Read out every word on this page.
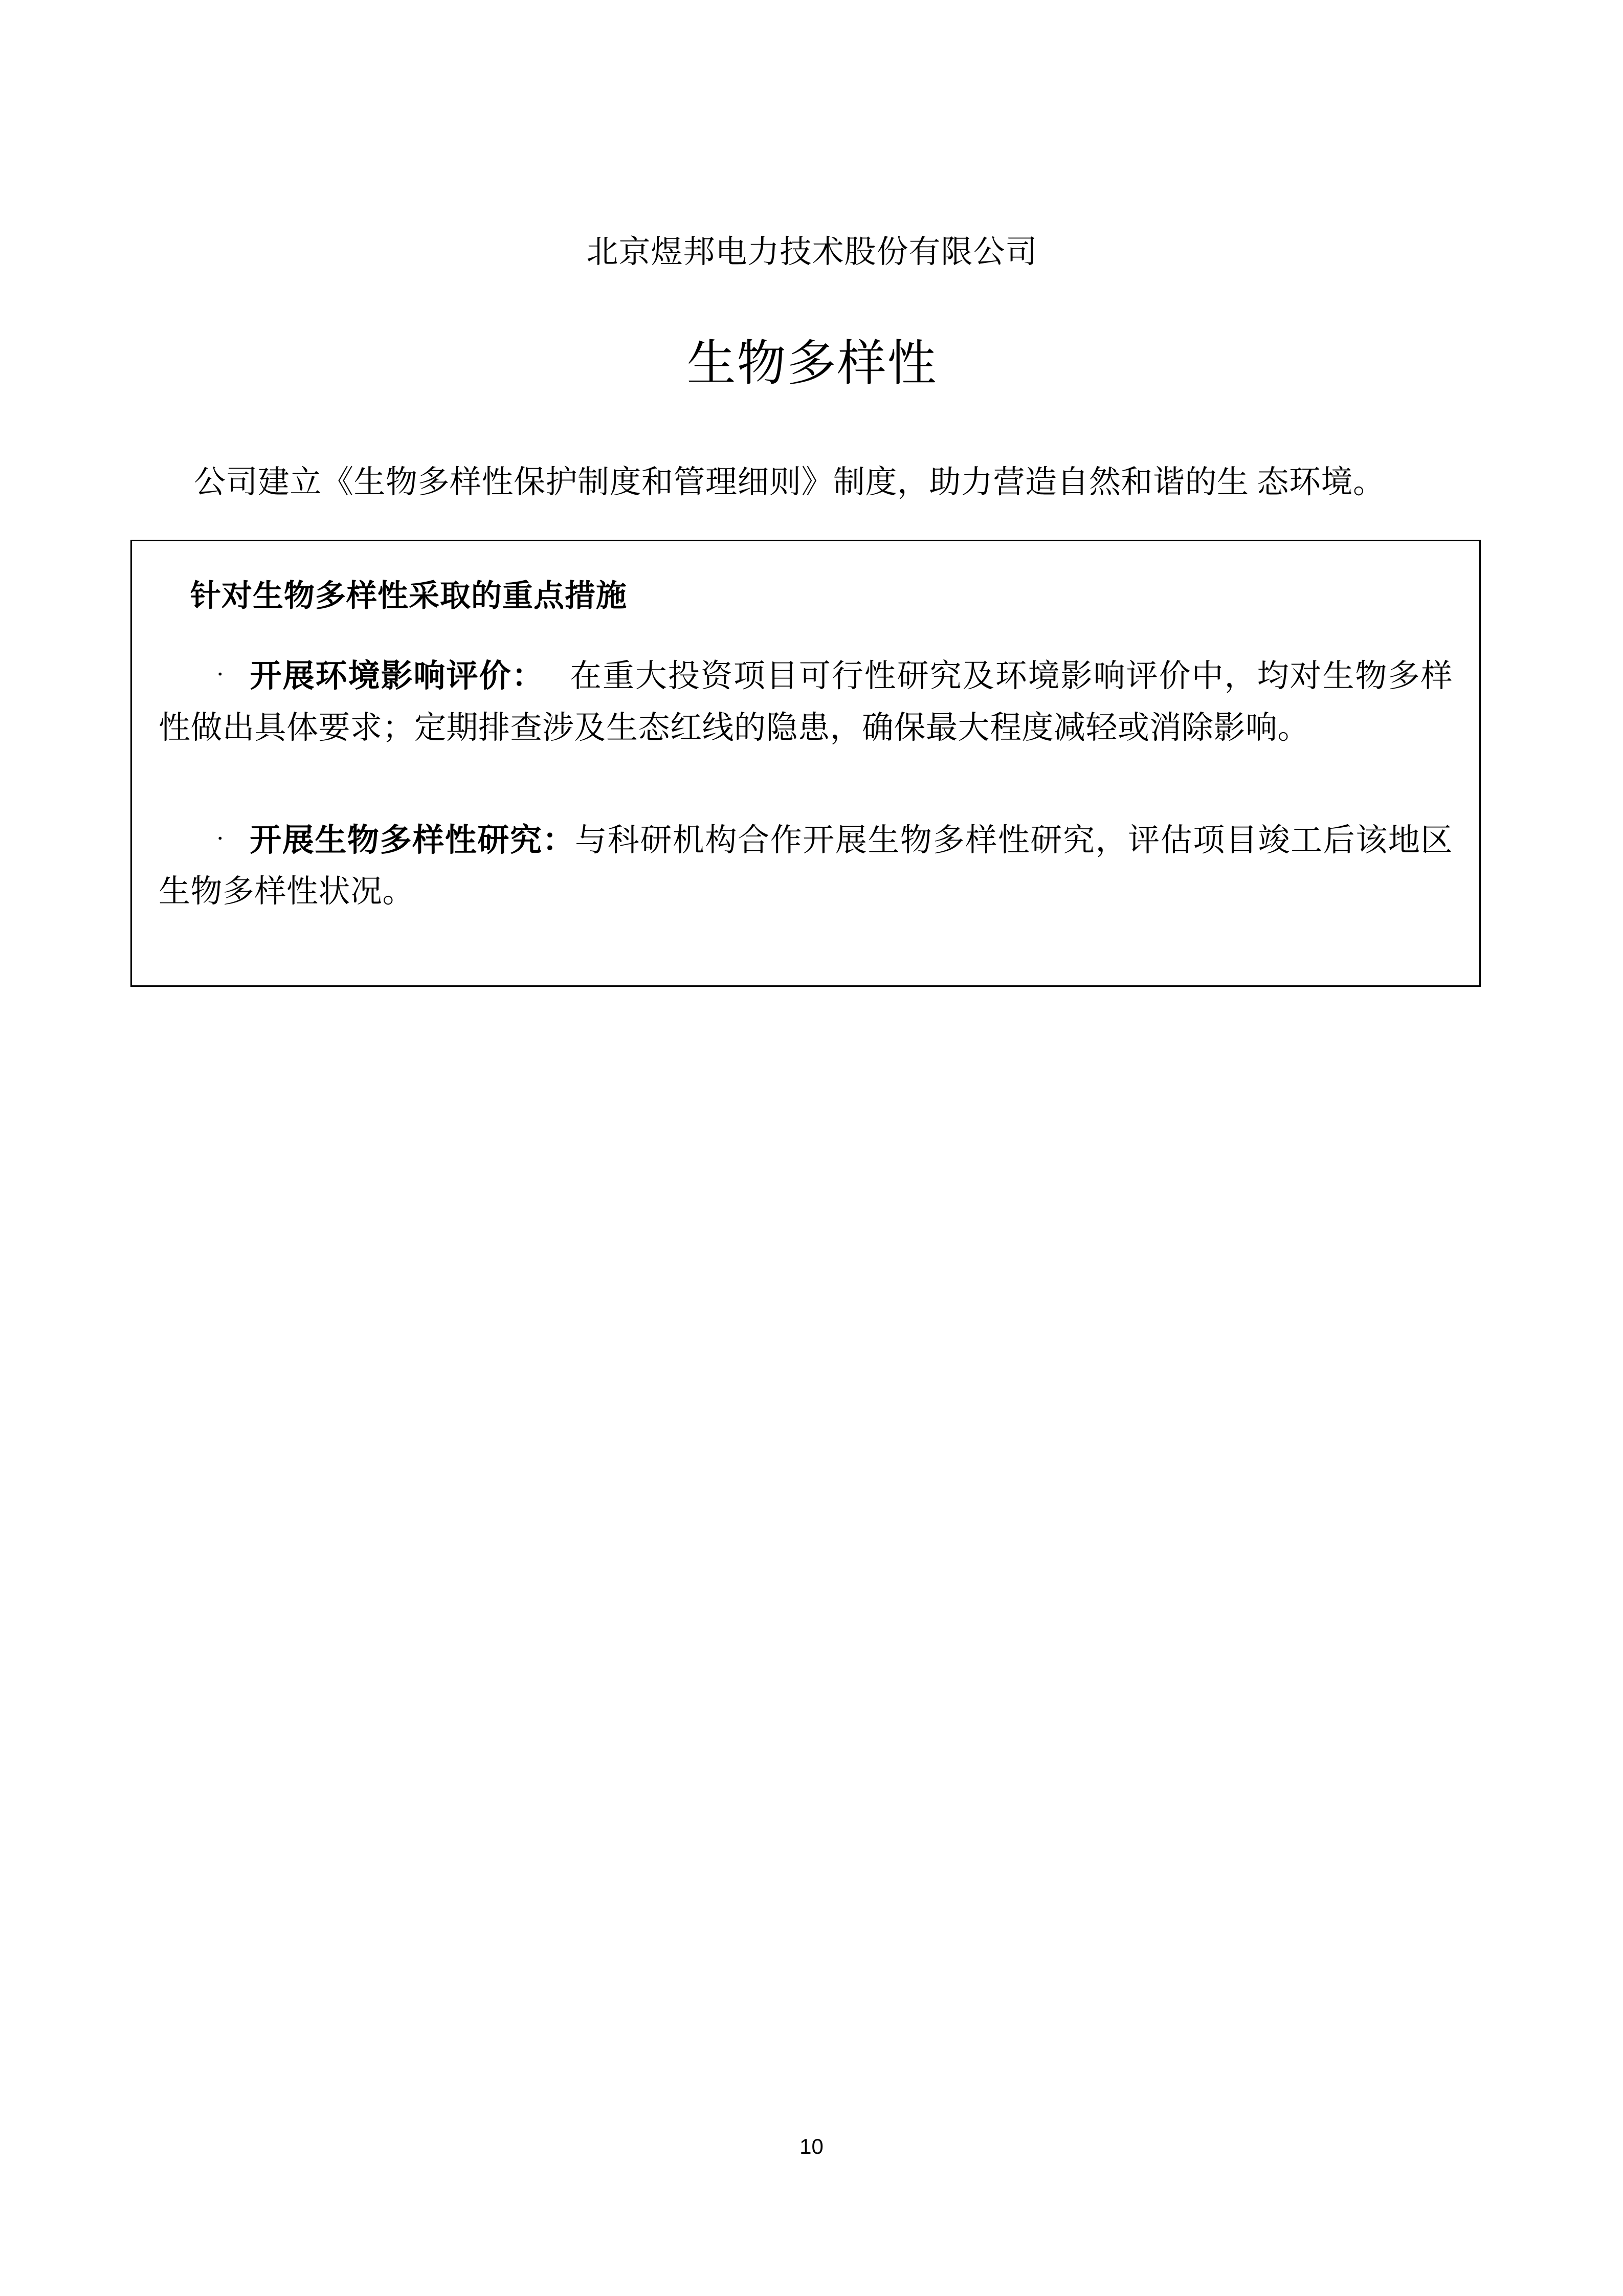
北京煜邦电力技术股份有限公司
生物多样性

公司建立《生物多样性保护制度和管理细则》制度，助力营造自然和谐的生 态环境。

针对生物多样性采取的重点措施

· 开展环境影响评价： 在重大投资项目可行性研究及环境影响评价中，均对生物多样性做出具体要求；定期排查涉及生态红线的隐患，确保最大程度减轻或消除影响。

· 开展生物多样性研究：与科研机构合作开展生物多样性研究，评估项目竣工后该地区生物多样性状况。

10
